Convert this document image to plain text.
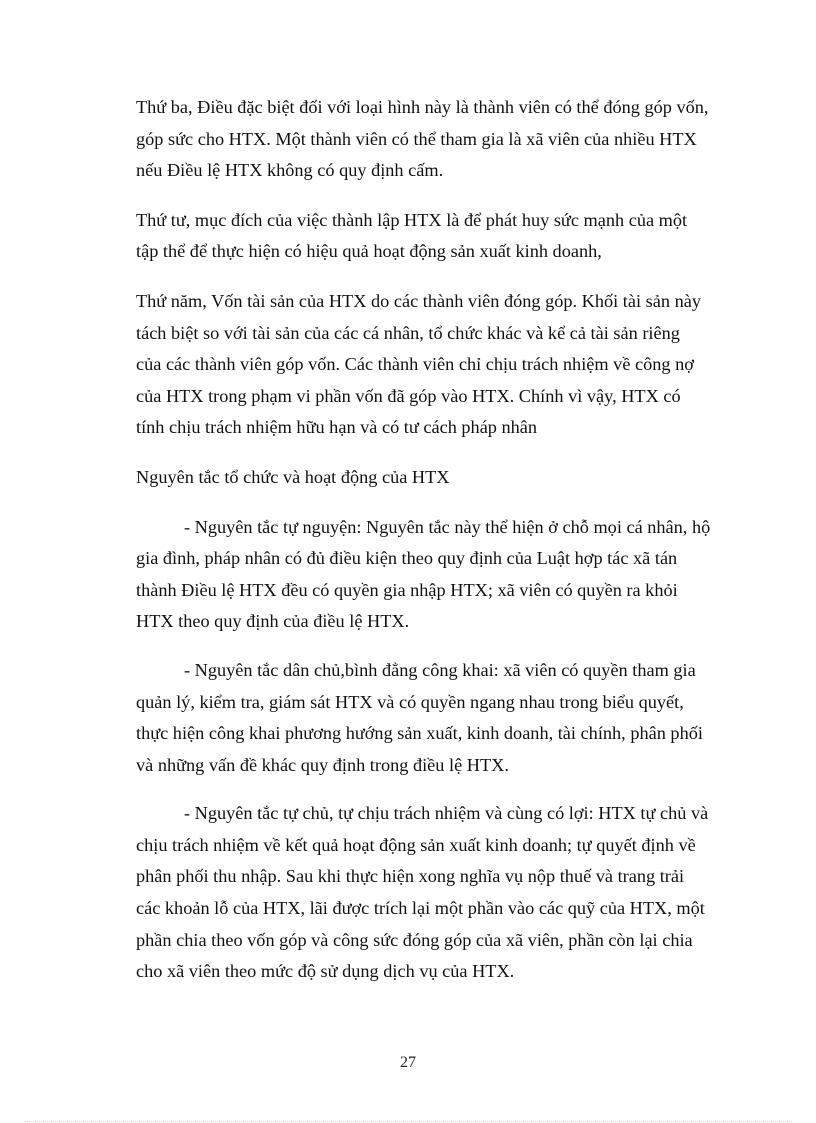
Thứ ba, Điều đặc biệt đối với loại hình này là thành viên có thể đóng góp vốn,
góp sức cho HTX. Một thành viên có thể tham gia là xã viên của nhiều HTX
nếu Điều lệ HTX không có quy định cấm.

Thứ tư, mục đích của việc thành lập HTX là để phát huy sức mạnh của một
tập thể để thực hiện có hiệu quả hoạt động sản xuất kinh doanh,

Thứ năm, Vốn tài sản của HTX do các thành viên đóng góp. Khối tài sản này
tách biệt so với tài sản của các cá nhân, tổ chức khác và kể cả tài sản riêng
của các thành viên góp vốn. Các thành viên chỉ chịu trách nhiệm về công nợ
của HTX trong phạm vi phần vốn đã góp vào HTX. Chính vì vậy, HTX có
tính chịu trách nhiệm hữu hạn và có tư cách pháp nhân

Nguyên tắc tổ chức và hoạt động của HTX

- Nguyên tắc tự nguyện: Nguyên tắc này thể hiện ở chỗ mọi cá nhân, hộ
gia đình, pháp nhân có đủ điều kiện theo quy định của Luật hợp tác xã tán
thành Điều lệ HTX đều có quyền gia nhập HTX; xã viên có quyền ra khỏi
HTX theo quy định của điều lệ HTX.

- Nguyên tắc dân chủ,bình đẳng công khai: xã viên có quyền tham gia
quản lý, kiểm tra, giám sát HTX và có quyền ngang nhau trong biểu quyết,
thực hiện công khai phương hướng sản xuất, kinh doanh, tài chính, phân phối
và những vấn đề khác quy định trong điều lệ HTX.

- Nguyên tắc tự chủ, tự chịu trách nhiệm và cùng có lợi: HTX tự chủ và
chịu trách nhiệm về kết quả hoạt động sản xuất kinh doanh; tự quyết định về
phân phối thu nhập. Sau khi thực hiện xong nghĩa vụ nộp thuế và trang trải
các khoản lỗ của HTX, lãi được trích lại một phần vào các quỹ của HTX, một
phần chia theo vốn góp và công sức đóng góp của xã viên, phần còn lại chia
cho xã viên theo mức độ sử dụng dịch vụ của HTX.

27
